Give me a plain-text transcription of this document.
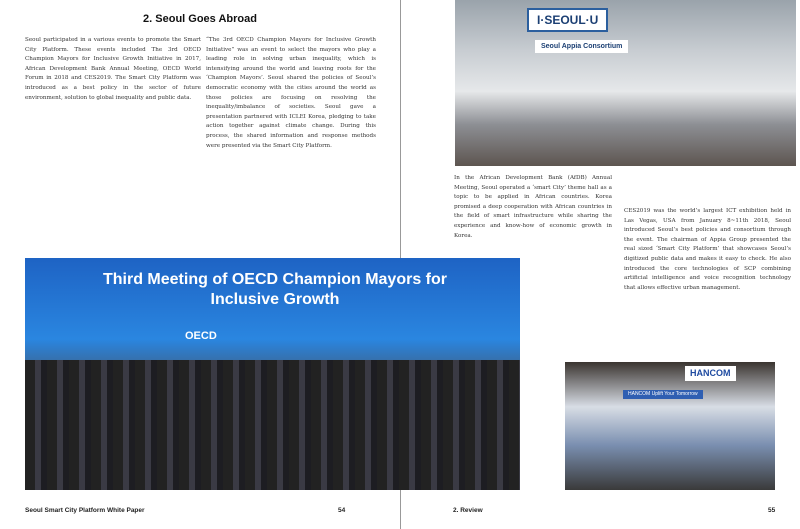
2. Seoul Goes Abroad

Seoul participated in a various events to promote the Smart City Platform. These events included The 3rd OECD Champion Mayors for Inclusive Growth Initiative in 2017, African Development Bank Annual Meeting, OECD World Forum in 2018 and CES2019. The Smart City Platform was introduced as a best policy in the sector of future environment, solution to global inequality and public data.

“The 3rd OECD Champion Mayors for Inclusive Growth Initiative” was an event to select the mayors who play a leading role in solving urban inequality, which is intensifying around the world and leaving roots for the ‘Champion Mayors’. Seoul shared the policies of Seoul’s democratic economy with the cities around the world as those policies are focusing on resolving the inequality/imbalance of societies. Seoul gave a presentation partnered with ICLEI Korea, pledging to take action together against climate change. During this process, the shared information and response methods were presented via the Smart City Platform.

I·SEOUL·U
Seoul Appia Consortium

In the African Development Bank (AfDB) Annual Meeting, Seoul operated a ‘smart City’ theme hall as a topic to be applied in African countries. Korea promised a deep cooperation with African countries in the field of smart infrastructure while sharing the experience and know-how of economic growth in Korea.

CES2019 was the world’s largest ICT exhibition held in Las Vegas, USA from January 8~11th 2018, Seoul introduced Seoul’s best policies and consortium through the event. The chairman of Appia Group presented the real sized ‘Smart City Platform’ that showcases Seoul’s digitized public data and makes it easy to check. He also introduced the core technologies of SCP combining artificial intelligence and voice recognition technology that allows effective urban management.

Third Meeting of OECD Champion Mayors for Inclusive Growth
OECD
HANCOM
HANCOM Uplift Your Tomorrow
Seoul Smart City Platform White Paper	54	2. Review	55
